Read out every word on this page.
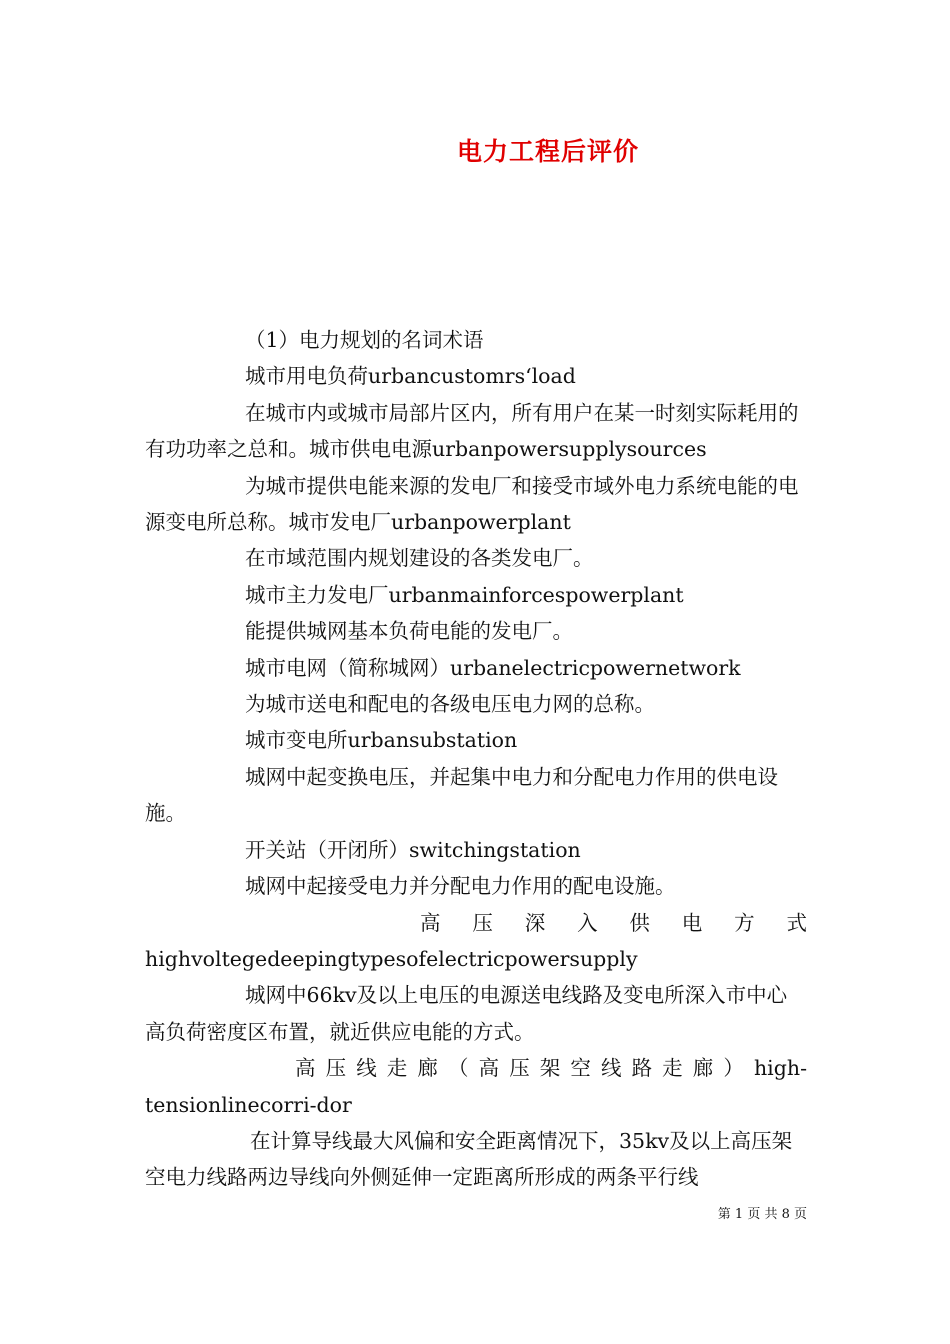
电力工程后评价

（1）电力规划的名词术语

城市用电负荷urbancustomrs‘load

在城市内或城市局部片区内，所有用户在某一时刻实际耗用的有功功率之总和。城市供电电源urbanpowersupplysources

为城市提供电能来源的发电厂和接受市域外电力系统电能的电源变电所总称。城市发电厂urbanpowerplant

在市域范围内规划建设的各类发电厂。

城市主力发电厂urbanmainforcespowerplant

能提供城网基本负荷电能的发电厂。

城市电网（简称城网）urbanelectricpowernetwork

为城市送电和配电的各级电压电力网的总称。

城市变电所urbansubstation

城网中起变换电压，并起集中电力和分配电力作用的供电设施。

开关站（开闭所）switchingstation

城网中起接受电力并分配电力作用的配电设施。

高压深入供电方式

highvoltegedeepingtypesofelectricpowersupply

城网中66kv及以上电压的电源送电线路及变电所深入市中心高负荷密度区布置，就近供应电能的方式。

高压线走廊（高压架空线路走廊）high-

tensionlinecorri-dor

在计算导线最大风偏和安全距离情况下，35kv及以上高压架空电力线路两边导线向外侧延伸一定距离所形成的两条平行线

第 1 页 共 8 页
